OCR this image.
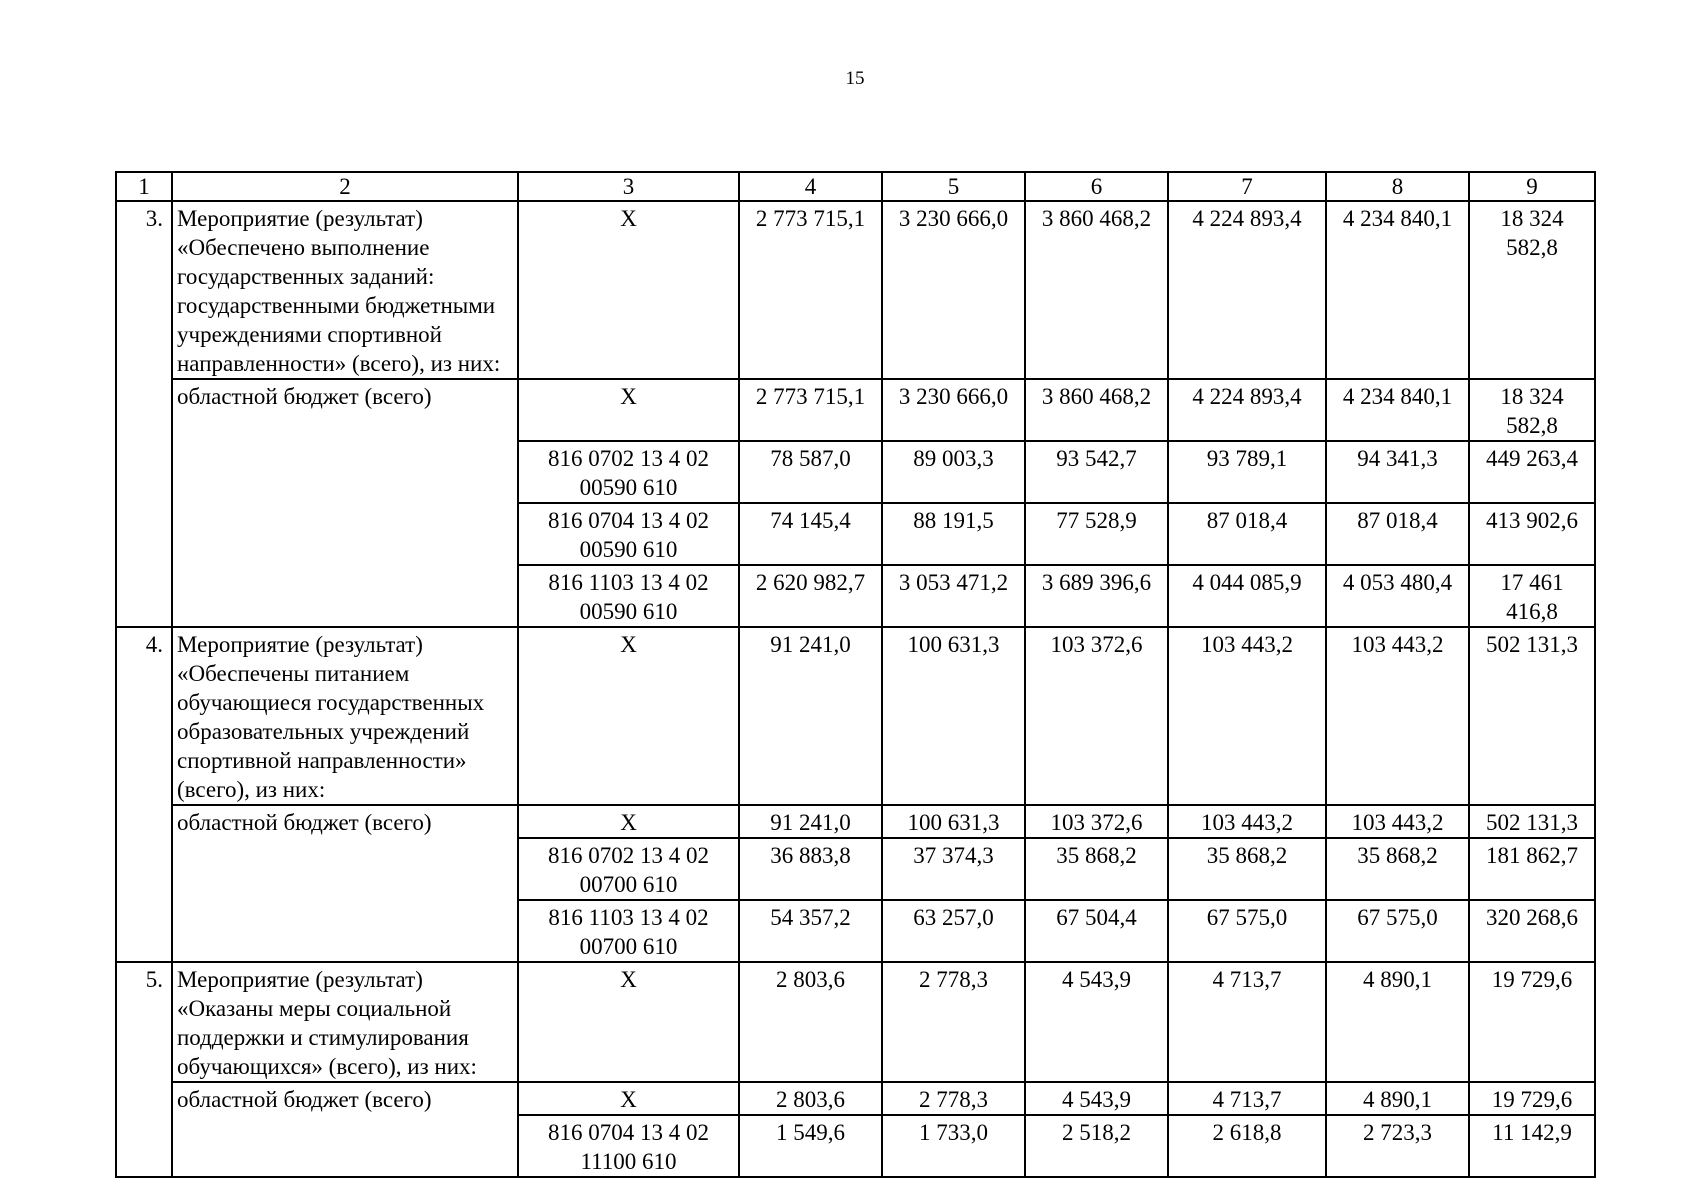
15
1	2	3	4	5	6	7	8	9
3.	Мероприятие (результат) «Обеспечено выполнение государственных заданий: государственными бюджетными учреждениями спортивной направленности» (всего), из них:	X	2 773 715,1	3 230 666,0	3 860 468,2	4 224 893,4	4 234 840,1	18 324 582,8
	областной бюджет (всего)	X	2 773 715,1	3 230 666,0	3 860 468,2	4 224 893,4	4 234 840,1	18 324 582,8
		816 0702 13 4 02 00590 610	78 587,0	89 003,3	93 542,7	93 789,1	94 341,3	449 263,4
		816 0704 13 4 02 00590 610	74 145,4	88 191,5	77 528,9	87 018,4	87 018,4	413 902,6
		816 1103 13 4 02 00590 610	2 620 982,7	3 053 471,2	3 689 396,6	4 044 085,9	4 053 480,4	17 461 416,8
4.	Мероприятие (результат) «Обеспечены питанием обучающиеся государственных образовательных учреждений спортивной направленности» (всего), из них:	X	91 241,0	100 631,3	103 372,6	103 443,2	103 443,2	502 131,3
	областной бюджет (всего)	X	91 241,0	100 631,3	103 372,6	103 443,2	103 443,2	502 131,3
		816 0702 13 4 02 00700 610	36 883,8	37 374,3	35 868,2	35 868,2	35 868,2	181 862,7
		816 1103 13 4 02 00700 610	54 357,2	63 257,0	67 504,4	67 575,0	67 575,0	320 268,6
5.	Мероприятие (результат) «Оказаны меры социальной поддержки и стимулирования обучающихся» (всего), из них:	X	2 803,6	2 778,3	4 543,9	4 713,7	4 890,1	19 729,6
	областной бюджет (всего)	X	2 803,6	2 778,3	4 543,9	4 713,7	4 890,1	19 729,6
		816 0704 13 4 02 11100 610	1 549,6	1 733,0	2 518,2	2 618,8	2 723,3	11 142,9
